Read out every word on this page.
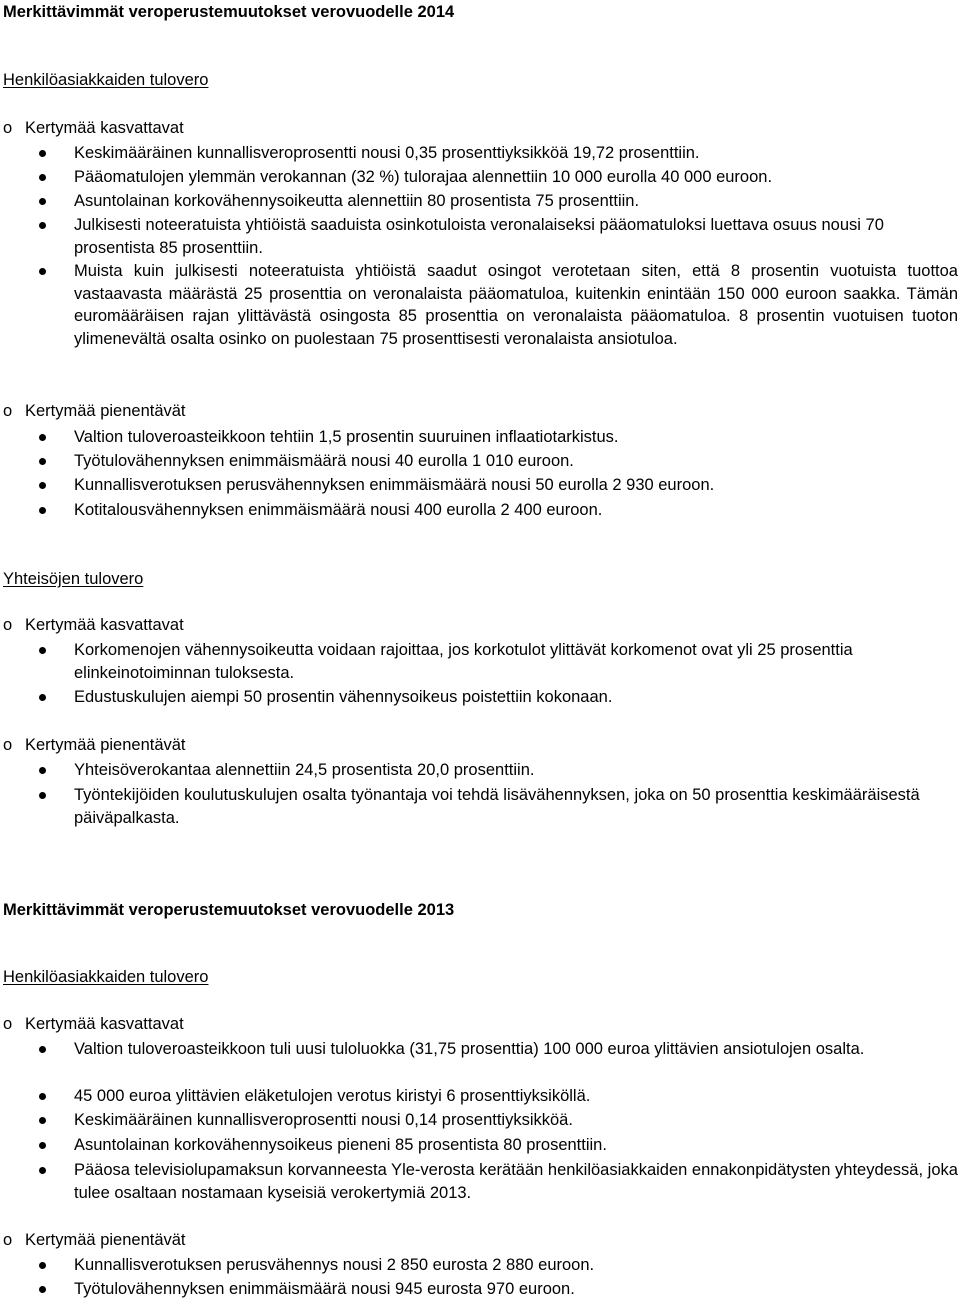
Merkittävimmät veroperustemuutokset verovuodelle 2014
Henkilöasiakkaiden tulovero
o Kertymää kasvattavat
Keskimääräinen kunnallisveroprosentti nousi 0,35 prosenttiyksikköä 19,72 prosenttiin.
Pääomatulojen ylemmän verokannan (32 %) tulorajaa alennettiin 10 000 eurolla 40 000 euroon.
Asuntolainan korkovähennysoikeutta alennettiin 80 prosentista 75 prosenttiin.
Julkisesti noteeratuista yhtiöistä saaduista osinkotuloista veronalaiseksi pääomatuloksi luettava osuus nousi 70 prosentista 85 prosenttiin.
Muista kuin julkisesti noteeratuista yhtiöistä saadut osingot verotetaan siten, että 8 prosentin vuotuista tuottoa vastaavasta määrästä 25 prosenttia on veronalaista pääomatuloa, kuitenkin enintään 150 000 euroon saakka. Tämän euromääräisen rajan ylittävästä osingosta 85 prosenttia on veronalaista pääomatuloa. 8 prosentin vuotuisen tuoton ylimenevältä osalta osinko on puolestaan 75 prosenttisesti veronalaista ansiotuloa.
o Kertymää pienentävät
Valtion tuloveroasteikkoon tehtiin 1,5 prosentin suuruinen inflaatiotarkistus.
Työtulovähennyksen enimmäismäärä nousi 40 eurolla 1 010 euroon.
Kunnallisverotuksen perusvähennyksen enimmäismäärä nousi 50 eurolla 2 930 euroon.
Kotitalousvähennyksen enimmäismäärä nousi 400 eurolla 2 400 euroon.
Yhteisöjen tulovero
o Kertymää kasvattavat
Korkomenojen vähennysoikeutta voidaan rajoittaa, jos korkotulot ylittävät korkomenot ovat yli 25 prosenttia elinkeinotoiminnan tuloksesta.
Edustuskulujen aiempi 50 prosentin vähennysoikeus poistettiin kokonaan.
o Kertymää pienentävät
Yhteisöverokantaa alennettiin 24,5 prosentista 20,0 prosenttiin.
Työntekijöiden koulutuskulujen osalta työnantaja voi tehdä lisävähennyksen, joka on 50 prosenttia keskimääräisestä päiväpalkasta.
Merkittävimmät veroperustemuutokset verovuodelle 2013
Henkilöasiakkaiden tulovero
o Kertymää kasvattavat
Valtion tuloveroasteikkoon tuli uusi tuloluokka (31,75 prosenttia) 100 000 euroa ylittävien ansiotulojen osalta.
45 000 euroa ylittävien eläketulojen verotus kiristyi 6 prosenttiyksiköllä.
Keskimääräinen kunnallisveroprosentti nousi 0,14 prosenttiyksikköä.
Asuntolainan korkovähennysoikeus pieneni 85 prosentista 80 prosenttiin.
Pääosa televisiolupamaksun korvanneesta Yle-verosta kerätään henkilöasiakkaiden ennakonpidätysten yhteydessä, joka tulee osaltaan nostamaan kyseisiä verokertymiä 2013.
o Kertymää pienentävät
Kunnallisverotuksen perusvähennys nousi 2 850 eurosta 2 880 euroon.
Työtulovähennyksen enimmäismäärä nousi 945 eurosta 970 euroon.
